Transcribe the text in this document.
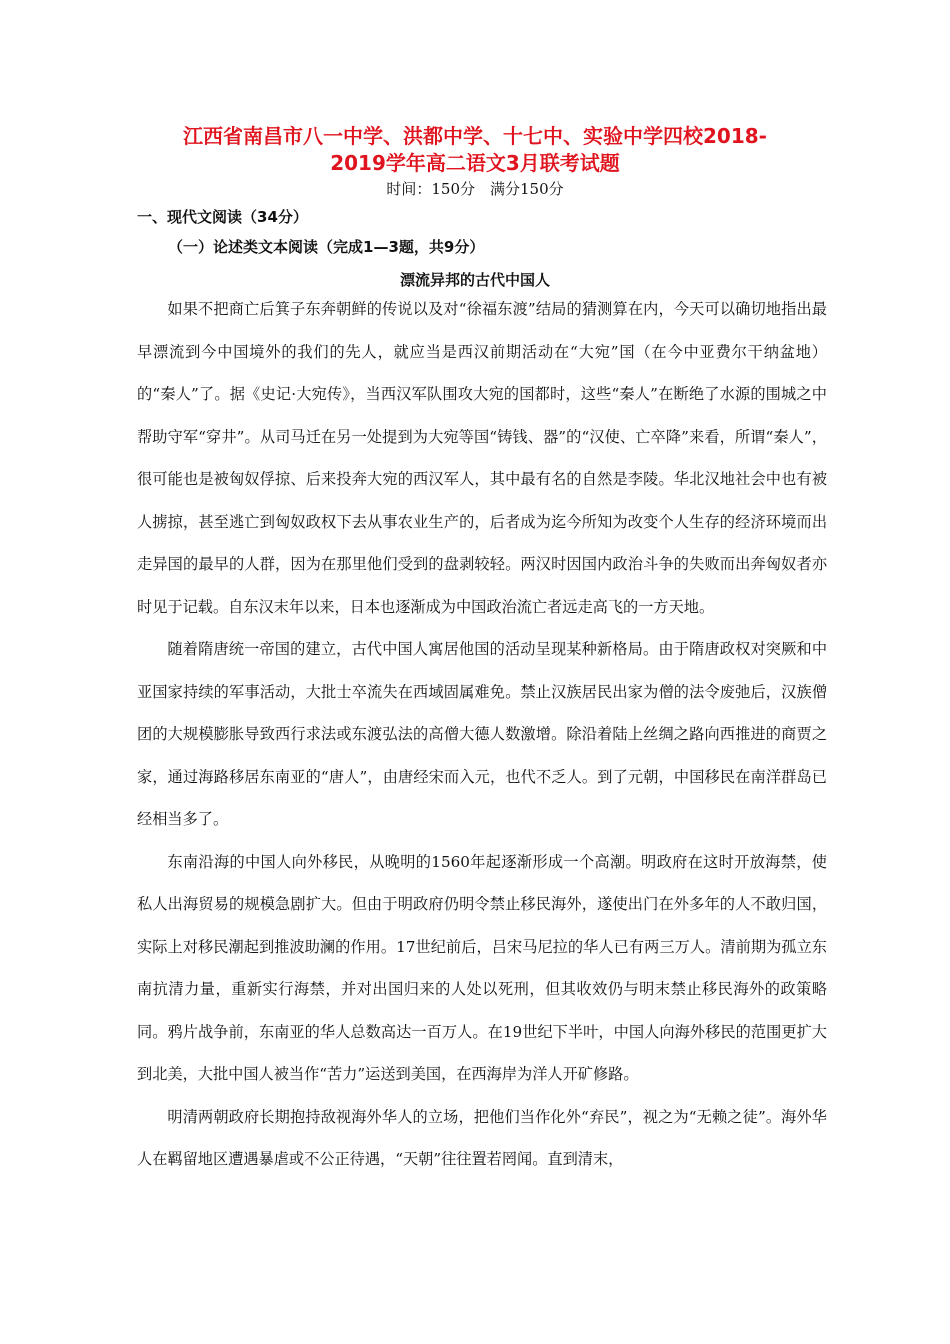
江西省南昌市八一中学、洪都中学、十七中、实验中学四校2018-
2019学年高二语文3月联考试题
时间：150分　满分150分
一、现代文阅读（34分）
（一）论述类文本阅读（完成1—3题，共9分）
漂流异邦的古代中国人

如果不把商亡后箕子东奔朝鲜的传说以及对“徐福东渡”结局的猜测算在内，今天可以确切地指出最早漂流到今中国境外的我们的先人，就应当是西汉前期活动在“大宛”国（在今中亚费尔干纳盆地）的“秦人”了。据《史记·大宛传》，当西汉军队围攻大宛的国都时，这些“秦人”在断绝了水源的围城之中帮助守军“穿井”。从司马迁在另一处提到为大宛等国“铸钱、器”的“汉使、亡卒降”来看，所谓“秦人”，很可能也是被匈奴俘掠、后来投奔大宛的西汉军人，其中最有名的自然是李陵。华北汉地社会中也有被人掳掠，甚至逃亡到匈奴政权下去从事农业生产的，后者成为迄今所知为改变个人生存的经济环境而出走异国的最早的人群，因为在那里他们受到的盘剥较轻。两汉时因国内政治斗争的失败而出奔匈奴者亦时见于记载。自东汉末年以来，日本也逐渐成为中国政治流亡者远走高飞的一方天地。

随着隋唐统一帝国的建立，古代中国人寓居他国的活动呈现某种新格局。由于隋唐政权对突厥和中亚国家持续的军事活动，大批士卒流失在西域固属难免。禁止汉族居民出家为僧的法令废弛后，汉族僧团的大规模膨胀导致西行求法或东渡弘法的高僧大德人数激增。除沿着陆上丝绸之路向西推进的商贾之家，通过海路移居东南亚的“唐人”，由唐经宋而入元，也代不乏人。到了元朝，中国移民在南洋群岛已经相当多了。

东南沿海的中国人向外移民，从晚明的1560年起逐渐形成一个高潮。明政府在这时开放海禁，使私人出海贸易的规模急剧扩大。但由于明政府仍明令禁止移民海外，遂使出门在外多年的人不敢归国，实际上对移民潮起到推波助澜的作用。17世纪前后，吕宋马尼拉的华人已有两三万人。清前期为孤立东南抗清力量，重新实行海禁，并对出国归来的人处以死刑，但其收效仍与明末禁止移民海外的政策略同。鸦片战争前，东南亚的华人总数高达一百万人。在19世纪下半叶，中国人向海外移民的范围更扩大到北美，大批中国人被当作“苦力”运送到美国，在西海岸为洋人开矿修路。

明清两朝政府长期抱持敌视海外华人的立场，把他们当作化外“弃民”，视之为“无赖之徒”。海外华人在羁留地区遭遇暴虐或不公正待遇，“天朝”往往置若罔闻。直到清末，
